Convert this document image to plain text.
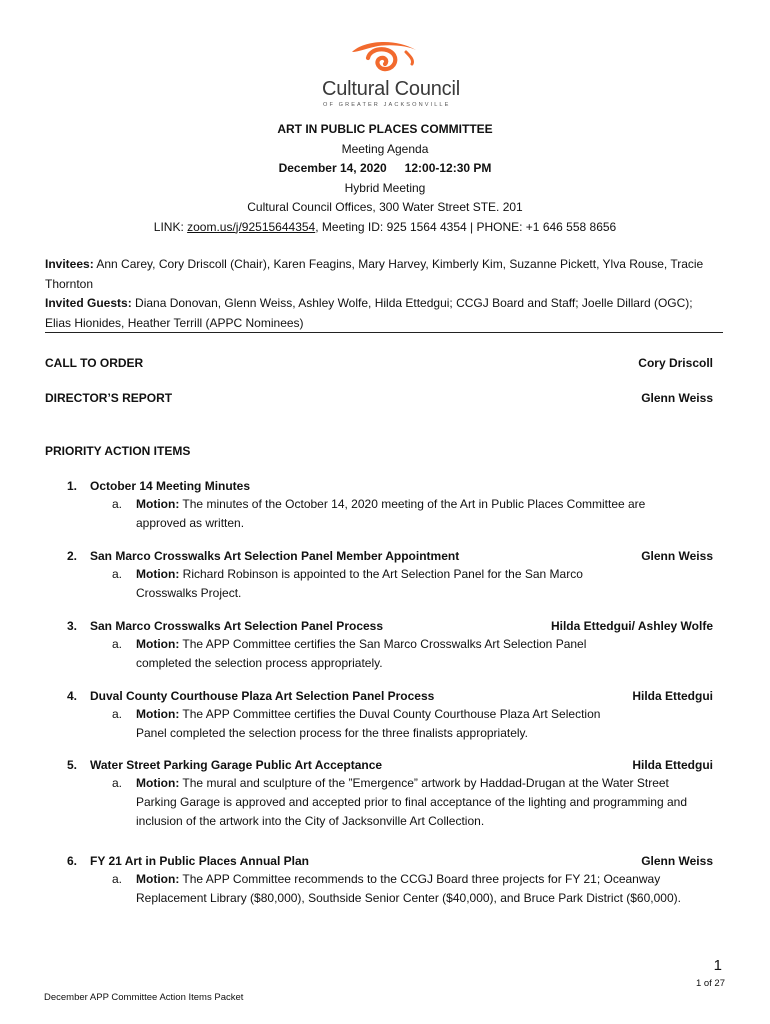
Cultural Council
OF GREATER JACKSONVILLE
ART IN PUBLIC PLACES COMMITTEE
Meeting Agenda
December 14, 2020 12:00-12:30 PM
Hybrid Meeting
Cultural Council Offices, 300 Water Street STE. 201
LINK: zoom.us/j/92515644354, Meeting ID: 925 1564 4354 | PHONE: +1 646 558 8656
Invitees: Ann Carey, Cory Driscoll (Chair), Karen Feagins, Mary Harvey, Kimberly Kim, Suzanne Pickett, Ylva Rouse, Tracie
Thornton
Invited Guests: Diana Donovan, Glenn Weiss, Ashley Wolfe, Hilda Ettedgui; CCGJ Board and Staff; Joelle Dillard (OGC);
Elias Hionides, Heather Terrill (APPC Nominees)
CALL TO ORDER	Cory Driscoll
DIRECTOR’S REPORT	Glenn Weiss
PRIORITY ACTION ITEMS
1. October 14 Meeting Minutes
a. Motion: The minutes of the October 14, 2020 meeting of the Art in Public Places Committee are
approved as written.
2. San Marco Crosswalks Art Selection Panel Member Appointment	Glenn Weiss
a. Motion: Richard Robinson is appointed to the Art Selection Panel for the San Marco
Crosswalks Project.
3. San Marco Crosswalks Art Selection Panel Process	Hilda Ettedgui/ Ashley Wolfe
a. Motion: The APP Committee certifies the San Marco Crosswalks Art Selection Panel
completed the selection process appropriately.
4. Duval County Courthouse Plaza Art Selection Panel Process	Hilda Ettedgui
a. Motion: The APP Committee certifies the Duval County Courthouse Plaza Art Selection
Panel completed the selection process for the three finalists appropriately.
5. Water Street Parking Garage Public Art Acceptance	Hilda Ettedgui
a. Motion: The mural and sculpture of the ”Emergence” artwork by Haddad-Drugan at the Water Street
Parking Garage is approved and accepted prior to final acceptance of the lighting and programming and
inclusion of the artwork into the City of Jacksonville Art Collection.
6. FY 21 Art in Public Places Annual Plan	Glenn Weiss
a. Motion: The APP Committee recommends to the CCGJ Board three projects for FY 21; Oceanway
Replacement Library ($80,000), Southside Senior Center ($40,000), and Bruce Park District ($60,000).
1
1 of 27
December APP Committee Action Items Packet
